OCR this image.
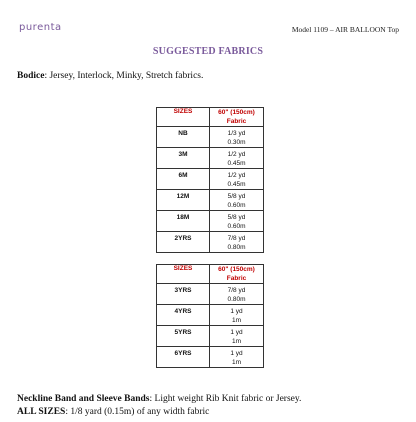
purenta	Model 1109 – AIR BALLOON Top
SUGGESTED FABRICS
Bodice: Jersey, Interlock, Minky, Stretch fabrics.
SIZES	60" (150cm)
Fabric

NB	1/3 yd
0.30m

3M	1/2 yd
0.45m

6M	1/2 yd
0.45m

12M	5/8 yd
0.60m

18M	5/8 yd
0.60m

2YRS	7/8 yd
0.80m
SIZES	60" (150cm)
Fabric

3YRS	7/8 yd
0.80m

4YRS	1 yd
1m

5YRS	1 yd
1m

6YRS	1 yd
1m
Neckline Band and Sleeve Bands: Light weight Rib Knit fabric or Jersey.
ALL SIZES: 1/8 yard (0.15m) of any width fabric
